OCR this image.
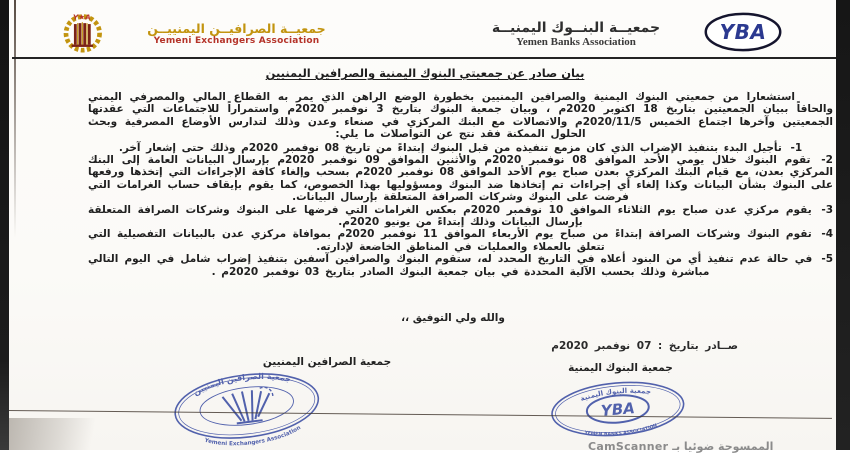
Y★A
جمعيــة الصرافيــن اليمنييــن
Yemeni Exchangers Association
جمعيــة البنــوك اليمنيــة
Yemen Banks Association	YBA
بيان صادر عن جمعيتي البنوك اليمنية والصرافين اليمنيين

استشعاراً من جمعيتي البنوك اليمنية والصرافين اليمنيين بخطورة الوضع الراهن الذي يمر به القطاع المالي والمصرفي اليمني والحاقاً ببيان الجمعيتين بتاريخ 18 اكتوبر 2020م ، وبيان جمعية البنوك بتاريخ 3 نوفمبر 2020م واستمراراً للاجتماعات التي عقدتها الجمعيتين وآخرها اجتماع الخميس 2020/11/5م والاتصالات مع البنك المركزي في صنعاء وعدن وذلك لتدارس الأوضاع المصرفية وبحث الحلول الممكنة فقد نتج عن التواصلات ما يلي:

1- تأجيل البدء بتنفيذ الإضراب الذي كان مزمع تنفيذه من قبل البنوك إبتداءً من تاريخ 08 نوفمبر 2020م وذلك حتى إشعار آخر.

2- تقوم البنوك خلال يومي الأحد الموافق 08 نوفمبر 2020م والأثنين الموافق 09 نوفمبر 2020م بإرسال البيانات العامة إلى البنك المركزي بعدن، مع قيام البنك المركزي بعدن صباح يوم الأحد الموافق 08 نوفمبر 2020م بسحب وإلغاء كافة الإجراءات التي إتخذها ورفعها على البنوك بشأن البيانات وكذا إلغاء أي إجراءات تم إتخاذها ضد البنوك ومسؤوليها بهذا الخصوص، كما يقوم بإيقاف حساب الغرامات التي فرضت على البنوك وشركات الصرافة المتعلقة بإرسال البيانات.

3- يقوم مركزي عدن صباح يوم الثلاثاء الموافق 10 نوفمبر 2020م بعكس الغرامات التي فرضها على البنوك وشركات الصرافة المتعلقة بإرسال البيانات وذلك إبتداءً من يونيو 2020م.

4- تقوم البنوك وشركات الصرافة إبتداءً من صباح يوم الأربعاء الموافق 11 نوفمبر 2020م بموافاة مركزي عدن بالبيانات التفصيلية التي تتعلق بالعملاء والعمليات في المناطق الخاضعة لإدارته.

5- في حالة عدم تنفيذ أي من البنود أعلاه في التاريخ المحدد له، ستقوم البنوك والصرافين آسفين بتنفيذ إضراب شامل في اليوم التالي مباشرة وذلك بحسب الآلية المحددة في بيان جمعية البنوك الصادر بتاريخ 03 نوفمبر 2020م .

والله ولي التوفيق ،،
صــادر بتاريخ : 07 نوفمبر 2020م
جمعية الصرافين اليمنيين	جمعية البنوك اليمنية
جمعية الصرافين اليمنيين
Yemeni Exchangers Association
YBA
جمعية البنوك اليمنية
YEMEN BANKS ASSOCIATION
الممسوحة ضوئيا بـ CamScanner
